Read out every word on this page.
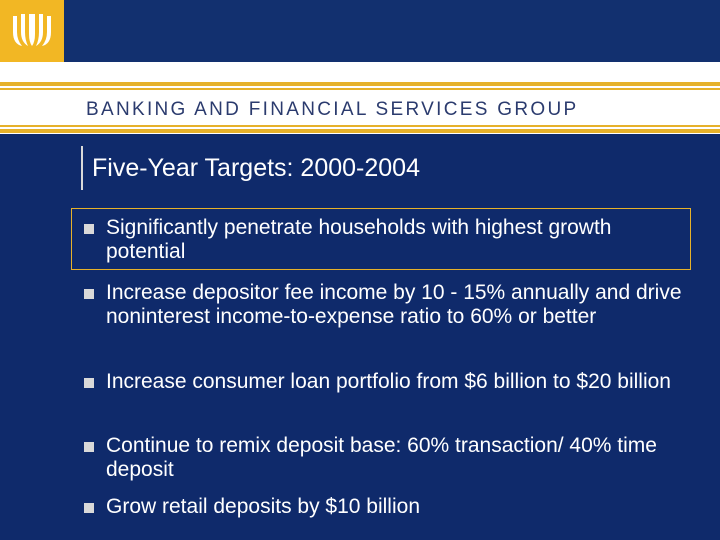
BANKING AND FINANCIAL SERVICES GROUP
Five-Year Targets: 2000-2004
Significantly penetrate households with highest growth potential
Increase depositor fee income by 10 - 15% annually and drive noninterest income-to-expense ratio to 60% or better
Increase consumer loan portfolio from $6 billion to $20 billion
Continue to remix deposit base: 60% transaction/ 40% time deposit
Grow retail deposits by $10 billion
